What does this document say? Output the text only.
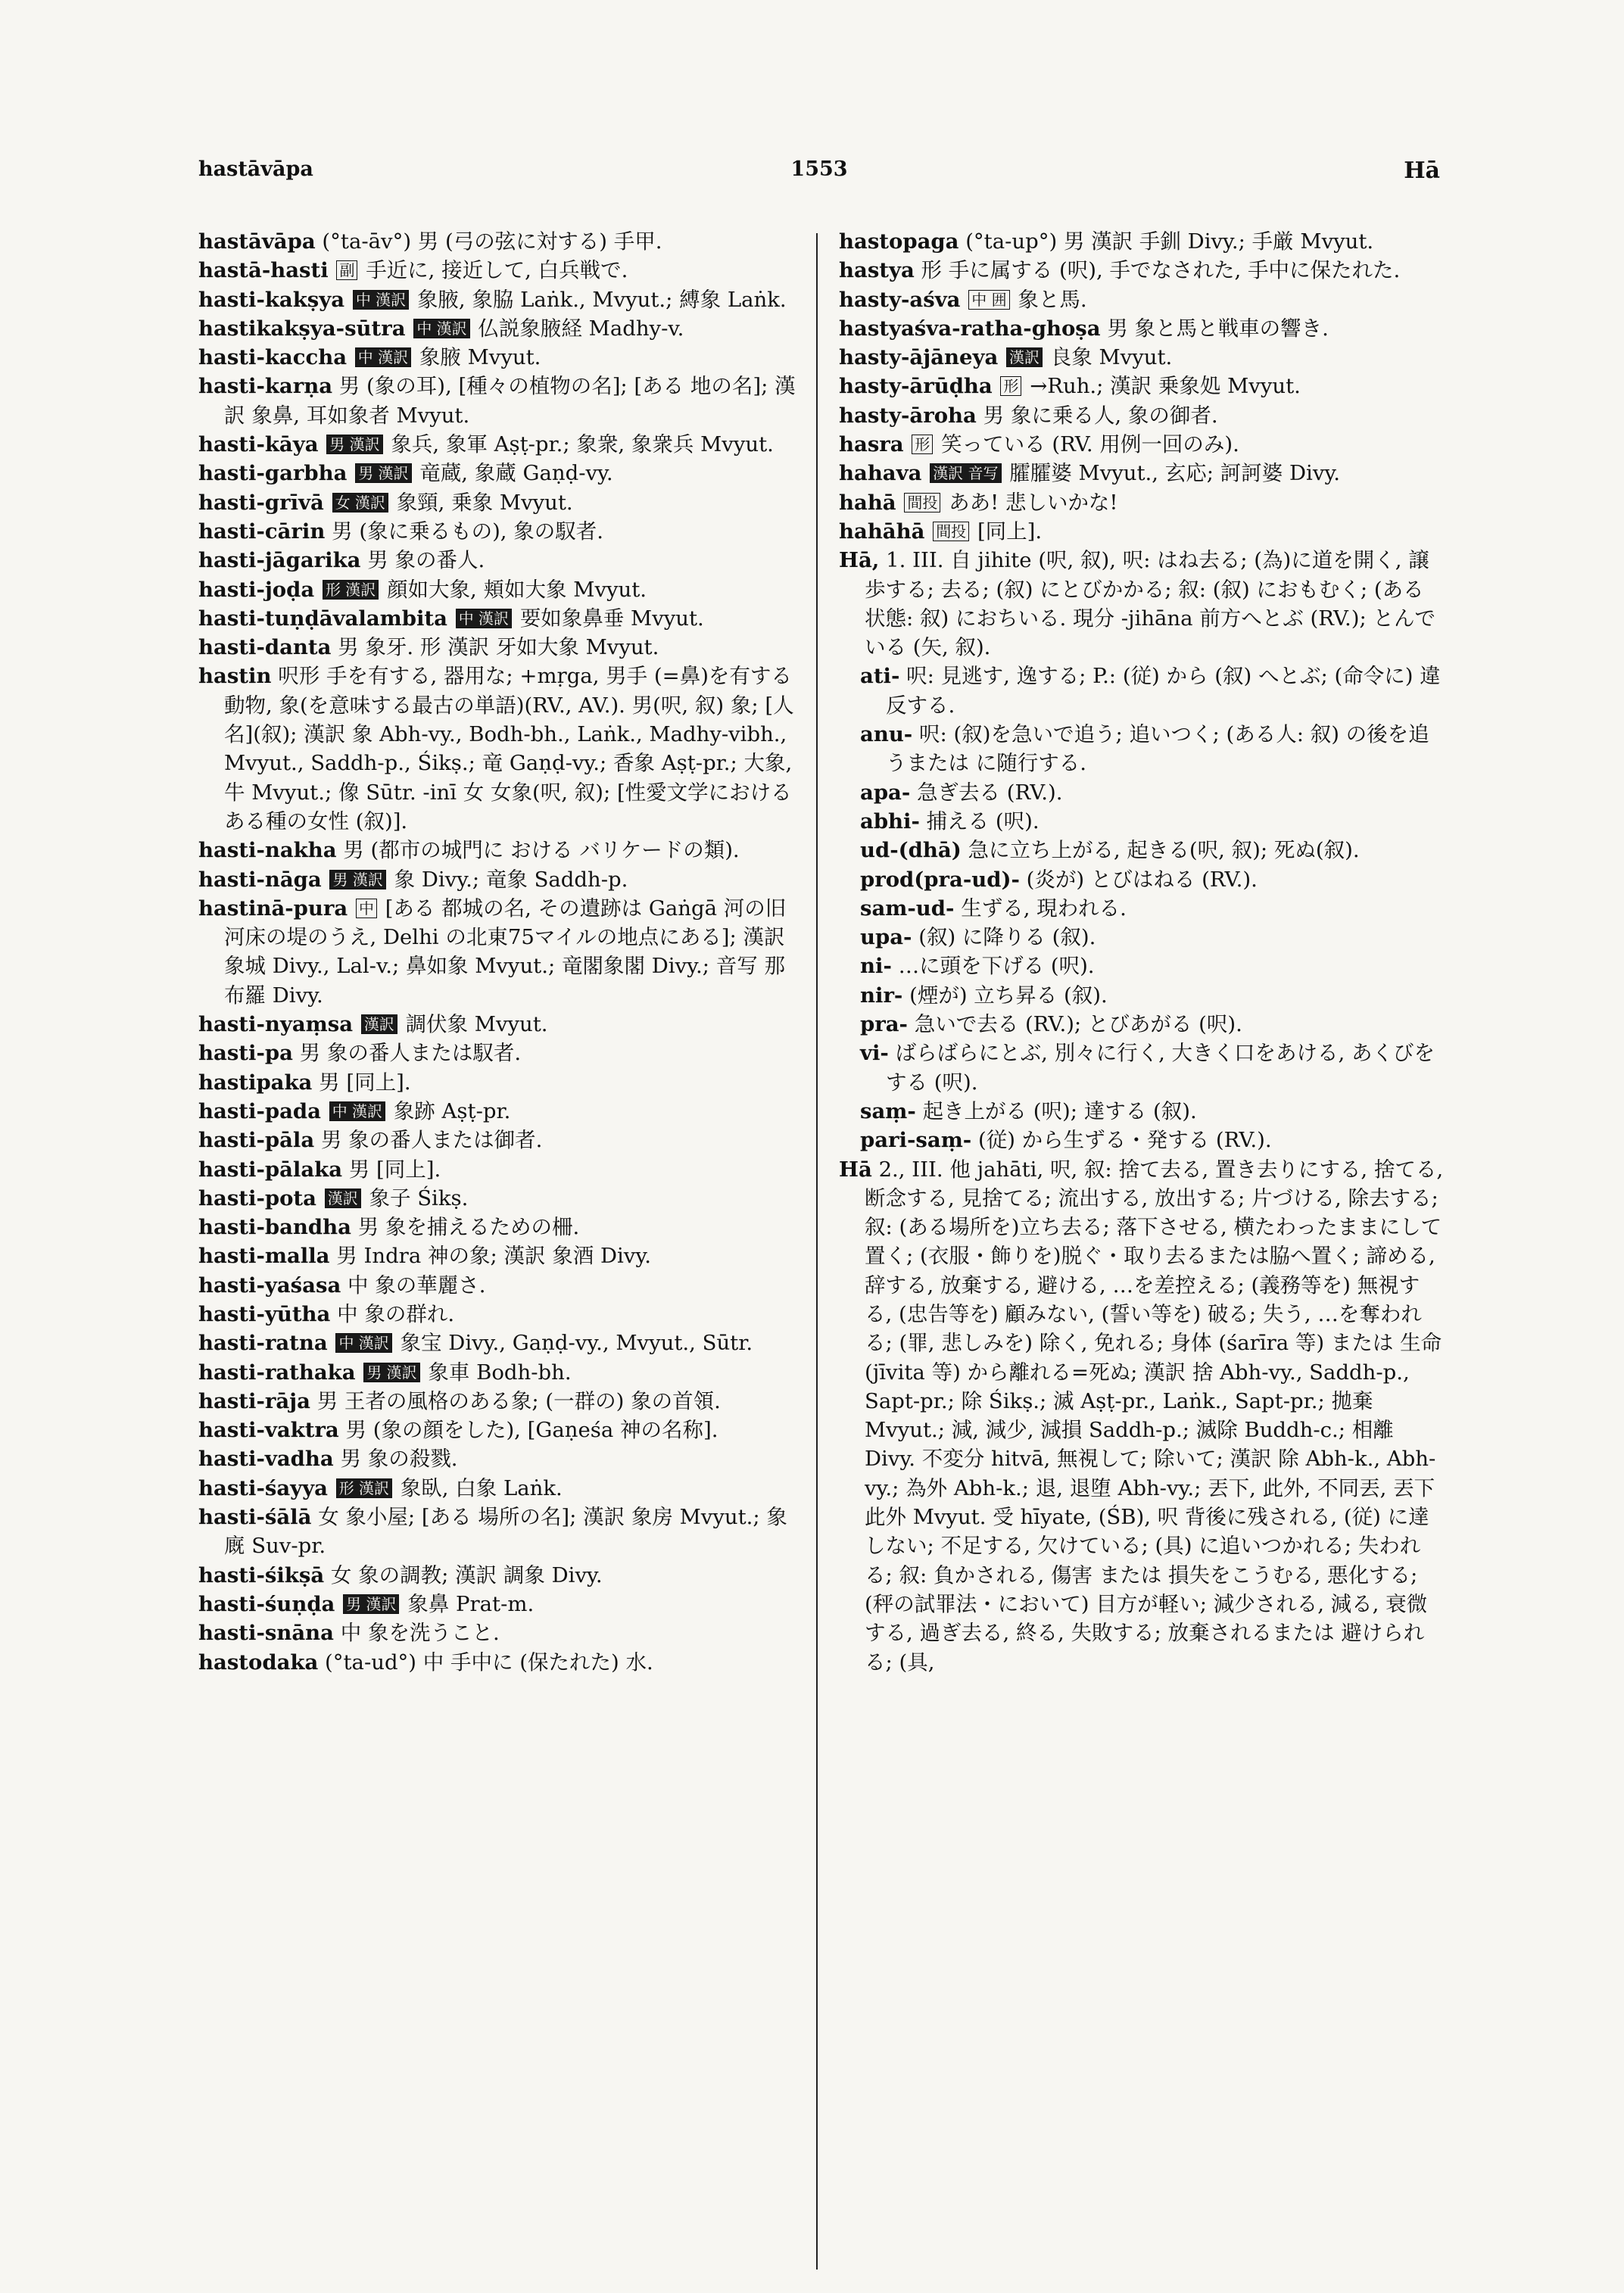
hastāvāpa	1553	Hā

hastāvāpa (°ta-āv°) 男 (弓の弦に対する) 手甲.

hastā-hasti 副 手近に, 接近して, 白兵戦で.

hasti-kakṣya 中 漢訳 象腋, 象脇 Laṅk., Mvyut.; 縛象 Laṅk.

hastikakṣya-sūtra 中 漢訳 仏説象腋経 Madhy-v.

hasti-kaccha 中 漢訳 象腋 Mvyut.

hasti-karṇa 男 (象の耳), [種々の植物の名]; [ある 地の名]; 漢訳 象鼻, 耳如象者 Mvyut.

hasti-kāya 男 漢訳 象兵, 象軍 Aṣṭ-pr.; 象衆, 象衆兵 Mvyut.

hasti-garbha 男 漢訳 竜蔵, 象蔵 Gaṇḍ-vy.

hasti-grīvā 女 漢訳 象頸, 乗象 Mvyut.

hasti-cārin 男 (象に乗るもの), 象の馭者.

hasti-jāgarika 男 象の番人.

hasti-joḍa 形 漢訳 顔如大象, 頬如大象 Mvyut.

hasti-tuṇḍāvalambita 中 漢訳 要如象鼻垂 Mvyut.

hasti-danta 男 象牙. 形 漢訳 牙如大象 Mvyut.

hastin 呎形 手を有する, 器用な; +mṛga, 男手 (=鼻)を有する動物, 象(を意味する最古の単語)(RV., AV.). 男(呎, 叙) 象; [人名](叙); 漢訳 象 Abh-vy., Bodh-bh., Laṅk., Madhy-vibh., Mvyut., Saddh-p., Śikṣ.; 竜 Gaṇḍ-vy.; 香象 Aṣṭ-pr.; 大象, 牛 Mvyut.; 像 Sūtr. -inī 女 女象(呎, 叙); [性愛文学におけるある種の女性 (叙)].

hasti-nakha 男 (都市の城門に おける バリケードの類).

hasti-nāga 男 漢訳 象 Divy.; 竜象 Saddh-p.

hastinā-pura 中 [ある 都城の名, その遺跡は Gaṅgā 河の旧河床の堤のうえ, Delhi の北東75マイルの地点にある]; 漢訳 象城 Divy., Lal-v.; 鼻如象 Mvyut.; 竜閣象閣 Divy.; 音写 那布羅 Divy.

hasti-nyaṃsa 漢訳 調伏象 Mvyut.

hasti-pa 男 象の番人または馭者.

hastipaka 男 [同上].

hasti-pada 中 漢訳 象跡 Aṣṭ-pr.

hasti-pāla 男 象の番人または御者.

hasti-pālaka 男 [同上].

hasti-pota 漢訳 象子 Śikṣ.

hasti-bandha 男 象を捕えるための柵.

hasti-malla 男 Indra 神の象; 漢訳 象酒 Divy.

hasti-yaśasa 中 象の華麗さ.

hasti-yūtha 中 象の群れ.

hasti-ratna 中 漢訳 象宝 Divy., Gaṇḍ-vy., Mvyut., Sūtr.

hasti-rathaka 男 漢訳 象車 Bodh-bh.

hasti-rāja 男 王者の風格のある象; (一群の) 象の首領.

hasti-vaktra 男 (象の顔をした), [Gaṇeśa 神の名称].

hasti-vadha 男 象の殺戮.

hasti-śayya 形 漢訳 象臥, 白象 Laṅk.

hasti-śālā 女 象小屋; [ある 場所の名]; 漢訳 象房 Mvyut.; 象廐 Suv-pr.

hasti-śikṣā 女 象の調教; 漢訳 調象 Divy.

hasti-śuṇḍa 男 漢訳 象鼻 Prat-m.

hasti-snāna 中 象を洗うこと.

hastodaka (°ta-ud°) 中 手中に (保たれた) 水.

hastopaga (°ta-up°) 男 漢訳 手釧 Divy.; 手厳 Mvyut.

hastya 形 手に属する (呎), 手でなされた, 手中に保たれた.

hasty-aśva 中 囲 象と馬.

hastyaśva-ratha-ghoṣa 男 象と馬と戦車の響き.

hasty-ājāneya 漢訳 良象 Mvyut.

hasty-ārūḍha 形 →Ruh.; 漢訳 乗象処 Mvyut.

hasty-āroha 男 象に乗る人, 象の御者.

hasra 形 笑っている (RV. 用例一回のみ).

hahava 漢訳 音写 臛臛婆 Mvyut., 玄応; 訶訶婆 Divy.

hahā 間投 ああ! 悲しいかな!

hahāhā 間投 [同上].

Hā, 1. III. 自 jihite (呎, 叙), 呎: はね去る; (為)に道を開く, 譲歩する; 去る; (叙) にとびかかる; 叙: (叙) におもむく; (ある状態: 叙) におちいる. 現分 -jihāna 前方へとぶ (RV.); とんでいる (矢, 叙).

ati- 呎: 見逃す, 逸する; P.: (従) から (叙) へとぶ; (命令に) 違反する.

anu- 呎: (叙)を急いで追う; 追いつく; (ある人: 叙) の後を追うまたは に随行する.

apa- 急ぎ去る (RV.).

abhi- 捕える (呎).

ud-(dhā) 急に立ち上がる, 起きる(呎, 叙); 死ぬ(叙).

prod(pra-ud)- (炎が) とびはねる (RV.).

sam-ud- 生ずる, 現われる.

upa- (叙) に降りる (叙).

ni- …に頭を下げる (呎).

nir- (煙が) 立ち昇る (叙).

pra- 急いで去る (RV.); とびあがる (呎).

vi- ばらばらにとぶ, 別々に行く, 大きく口をあける, あくびをする (呎).

saṃ- 起き上がる (呎); 達する (叙).

pari-saṃ- (従) から生ずる・発する (RV.).

Hā 2., III. 他 jahāti, 呎, 叙: 捨て去る, 置き去りにする, 捨てる, 断念する, 見捨てる; 流出する, 放出する; 片づける, 除去する; 叙: (ある場所を)立ち去る; 落下させる, 横たわったままにして置く; (衣服・飾りを)脱ぐ・取り去るまたは脇へ置く; 諦める, 辞する, 放棄する, 避ける, …を差控える; (義務等を) 無視する, (忠告等を) 顧みない, (誓い等を) 破る; 失う, …を奪われる; (罪, 悲しみを) 除く, 免れる; 身体 (śarīra 等) または 生命 (jīvita 等) から離れる=死ぬ; 漢訳 捨 Abh-vy., Saddh-p., Sapt-pr.; 除 Śikṣ.; 滅 Aṣṭ-pr., Laṅk., Sapt-pr.; 拋棄 Mvyut.; 減, 減少, 減損 Saddh-p.; 滅除 Buddh-c.; 相離 Divy. 不変分 hitvā, 無視して; 除いて; 漢訳 除 Abh-k., Abh-vy.; 為外 Abh-k.; 退, 退堕 Abh-vy.; 丟下, 此外, 不同丟, 丟下此外 Mvyut. 受 hīyate, (ŚB), 呎 背後に残される, (従) に達しない; 不足する, 欠けている; (具) に追いつかれる; 失われる; 叙: 負かされる, 傷害 または 損失をこうむる, 悪化する; (秤の試罪法・において) 目方が軽い; 減少される, 減る, 衰微する, 過ぎ去る, 終る, 失敗する; 放棄されるまたは 避けられる; (具,
